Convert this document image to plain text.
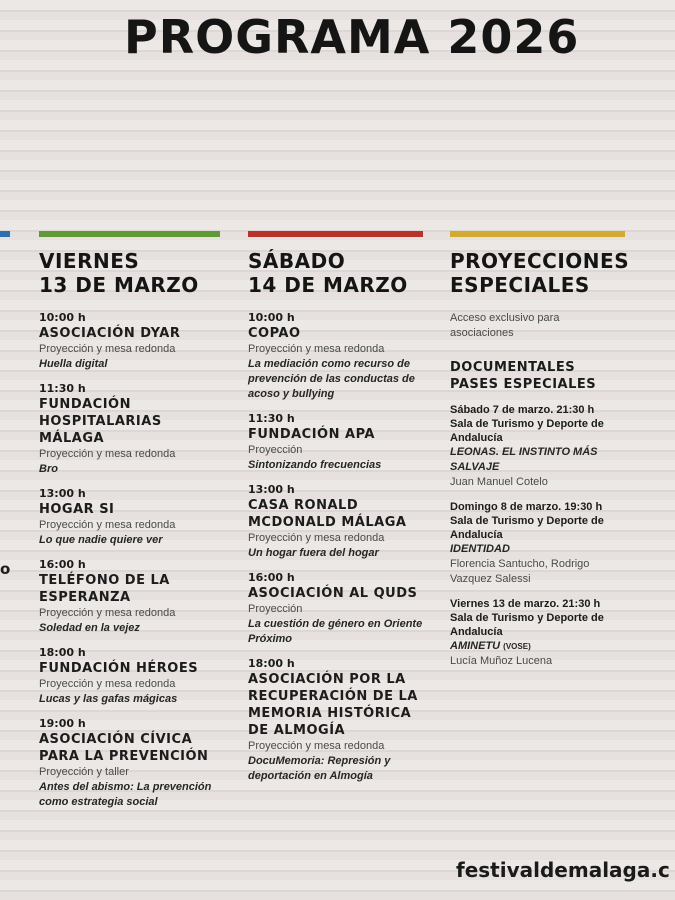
PROGRAMA 2026
o
VIERNES
13 DE MARZO
10:00 h
ASOCIACIÓN DYAR
Proyección y mesa redonda
Huella digital
11:30 h
FUNDACIÓN HOSPITALARIAS MÁLAGA
Proyección y mesa redonda
Bro
13:00 h
HOGAR SI
Proyección y mesa redonda
Lo que nadie quiere ver
16:00 h
TELÉFONO DE LA ESPERANZA
Proyección y mesa redonda
Soledad en la vejez
18:00 h
FUNDACIÓN HÉROES
Proyección y mesa redonda
Lucas y las gafas mágicas
19:00 h
ASOCIACIÓN CÍVICA PARA LA PREVENCIÓN
Proyección y taller
Antes del abismo: La prevención como estrategia social
SÁBADO
14 DE MARZO
10:00 h
COPAO
Proyección y mesa redonda
La mediación como recurso de prevención de las conductas de acoso y bullying
11:30 h
FUNDACIÓN APA
Proyección
Sintonizando frecuencias
13:00 h
CASA RONALD MCDONALD MÁLAGA
Proyección y mesa redonda
Un hogar fuera del hogar
16:00 h
ASOCIACIÓN AL QUDS
Proyección
La cuestión de género en Oriente Próximo
18:00 h
ASOCIACIÓN POR LA RECUPERACIÓN DE LA MEMORIA HISTÓRICA DE ALMOGÍA
Proyección y mesa redonda
DocuMemoria: Represión y deportación en Almogía
PROYECCIONES
ESPECIALES
Acceso exclusivo para asociaciones
DOCUMENTALES
PASES ESPECIALES
Sábado 7 de marzo. 21:30 h
Sala de Turismo y Deporte de Andalucía
LEONAS. EL INSTINTO MÁS SALVAJE
Juan Manuel Cotelo
Domingo 8 de marzo. 19:30 h
Sala de Turismo y Deporte de Andalucía
IDENTIDAD
Florencia Santucho, Rodrigo Vazquez Salessi
Viernes 13 de marzo. 21:30 h
Sala de Turismo y Deporte de Andalucía
AMINETU (VOSE)
Lucía Muñoz Lucena
festivaldemalaga.c
